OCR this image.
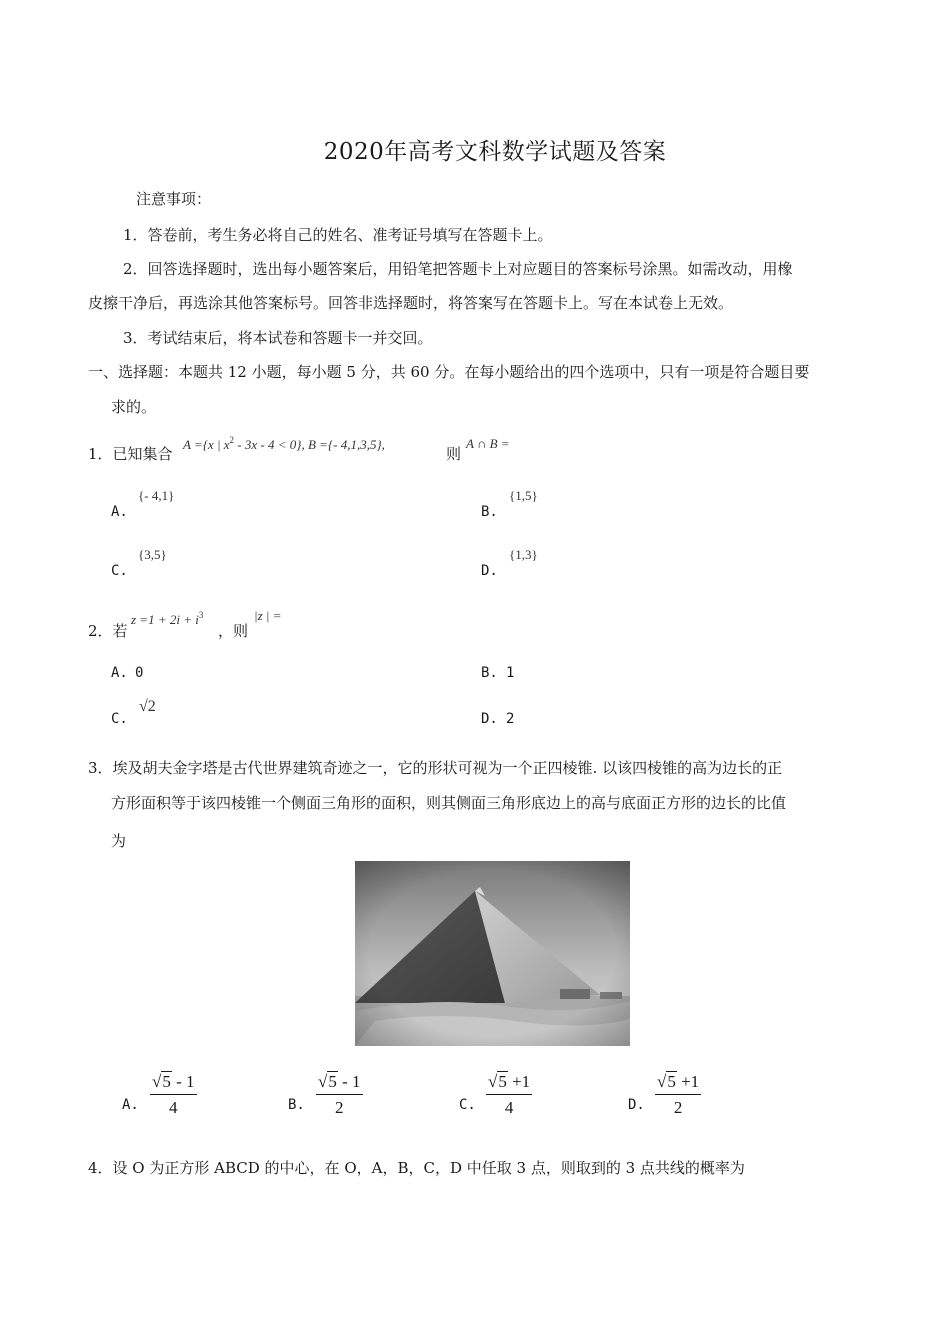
2020年高考文科数学试题及答案
注意事项：
1．答卷前，考生务必将自己的姓名、准考证号填写在答题卡上。
2．回答选择题时，选出每小题答案后，用铅笔把答题卡上对应题目的答案标号涂黑。如需改动，用橡
皮擦干净后，再选涂其他答案标号。回答非选择题时，将答案写在答题卡上。写在本试卷上无效。
3．考试结束后，将本试卷和答题卡一并交回。
一、选择题：本题共 12 小题，每小题 5 分，共 60 分。在每小题给出的四个选项中，只有一项是符合题目要
求的。
1．已知集合
A ={x | $x^2 - 3x - 4 < 0$}, B ={- 4,1,3,5},
则
A ∩ B =
A.
{- 4,1}
B.
{1,5}
C.
{3,5}
D.
{1,3}
2．若
$z =1 + 2i + i^3$
，则
|z | =
A. 0	B. 1
C.
√2
D. 2
3．埃及胡夫金字塔是古代世界建筑奇迹之一，它的形状可视为一个正四棱锥. 以该四棱锥的高为边长的正
方形面积等于该四棱锥一个侧面三角形的面积，则其侧面三角形底边上的高与底面正方形的边长的比值
为
A. $\frac{√5 - 1}{4}$	B. $\frac{√5 - 1}{2}$	C. $\frac{√5 +1}{4}$	D. $\frac{√5 +1}{2}$
4．设 O 为正方形 ABCD 的中心，在 O，A，B，C，D 中任取 3 点，则取到的 3 点共线的概率为
